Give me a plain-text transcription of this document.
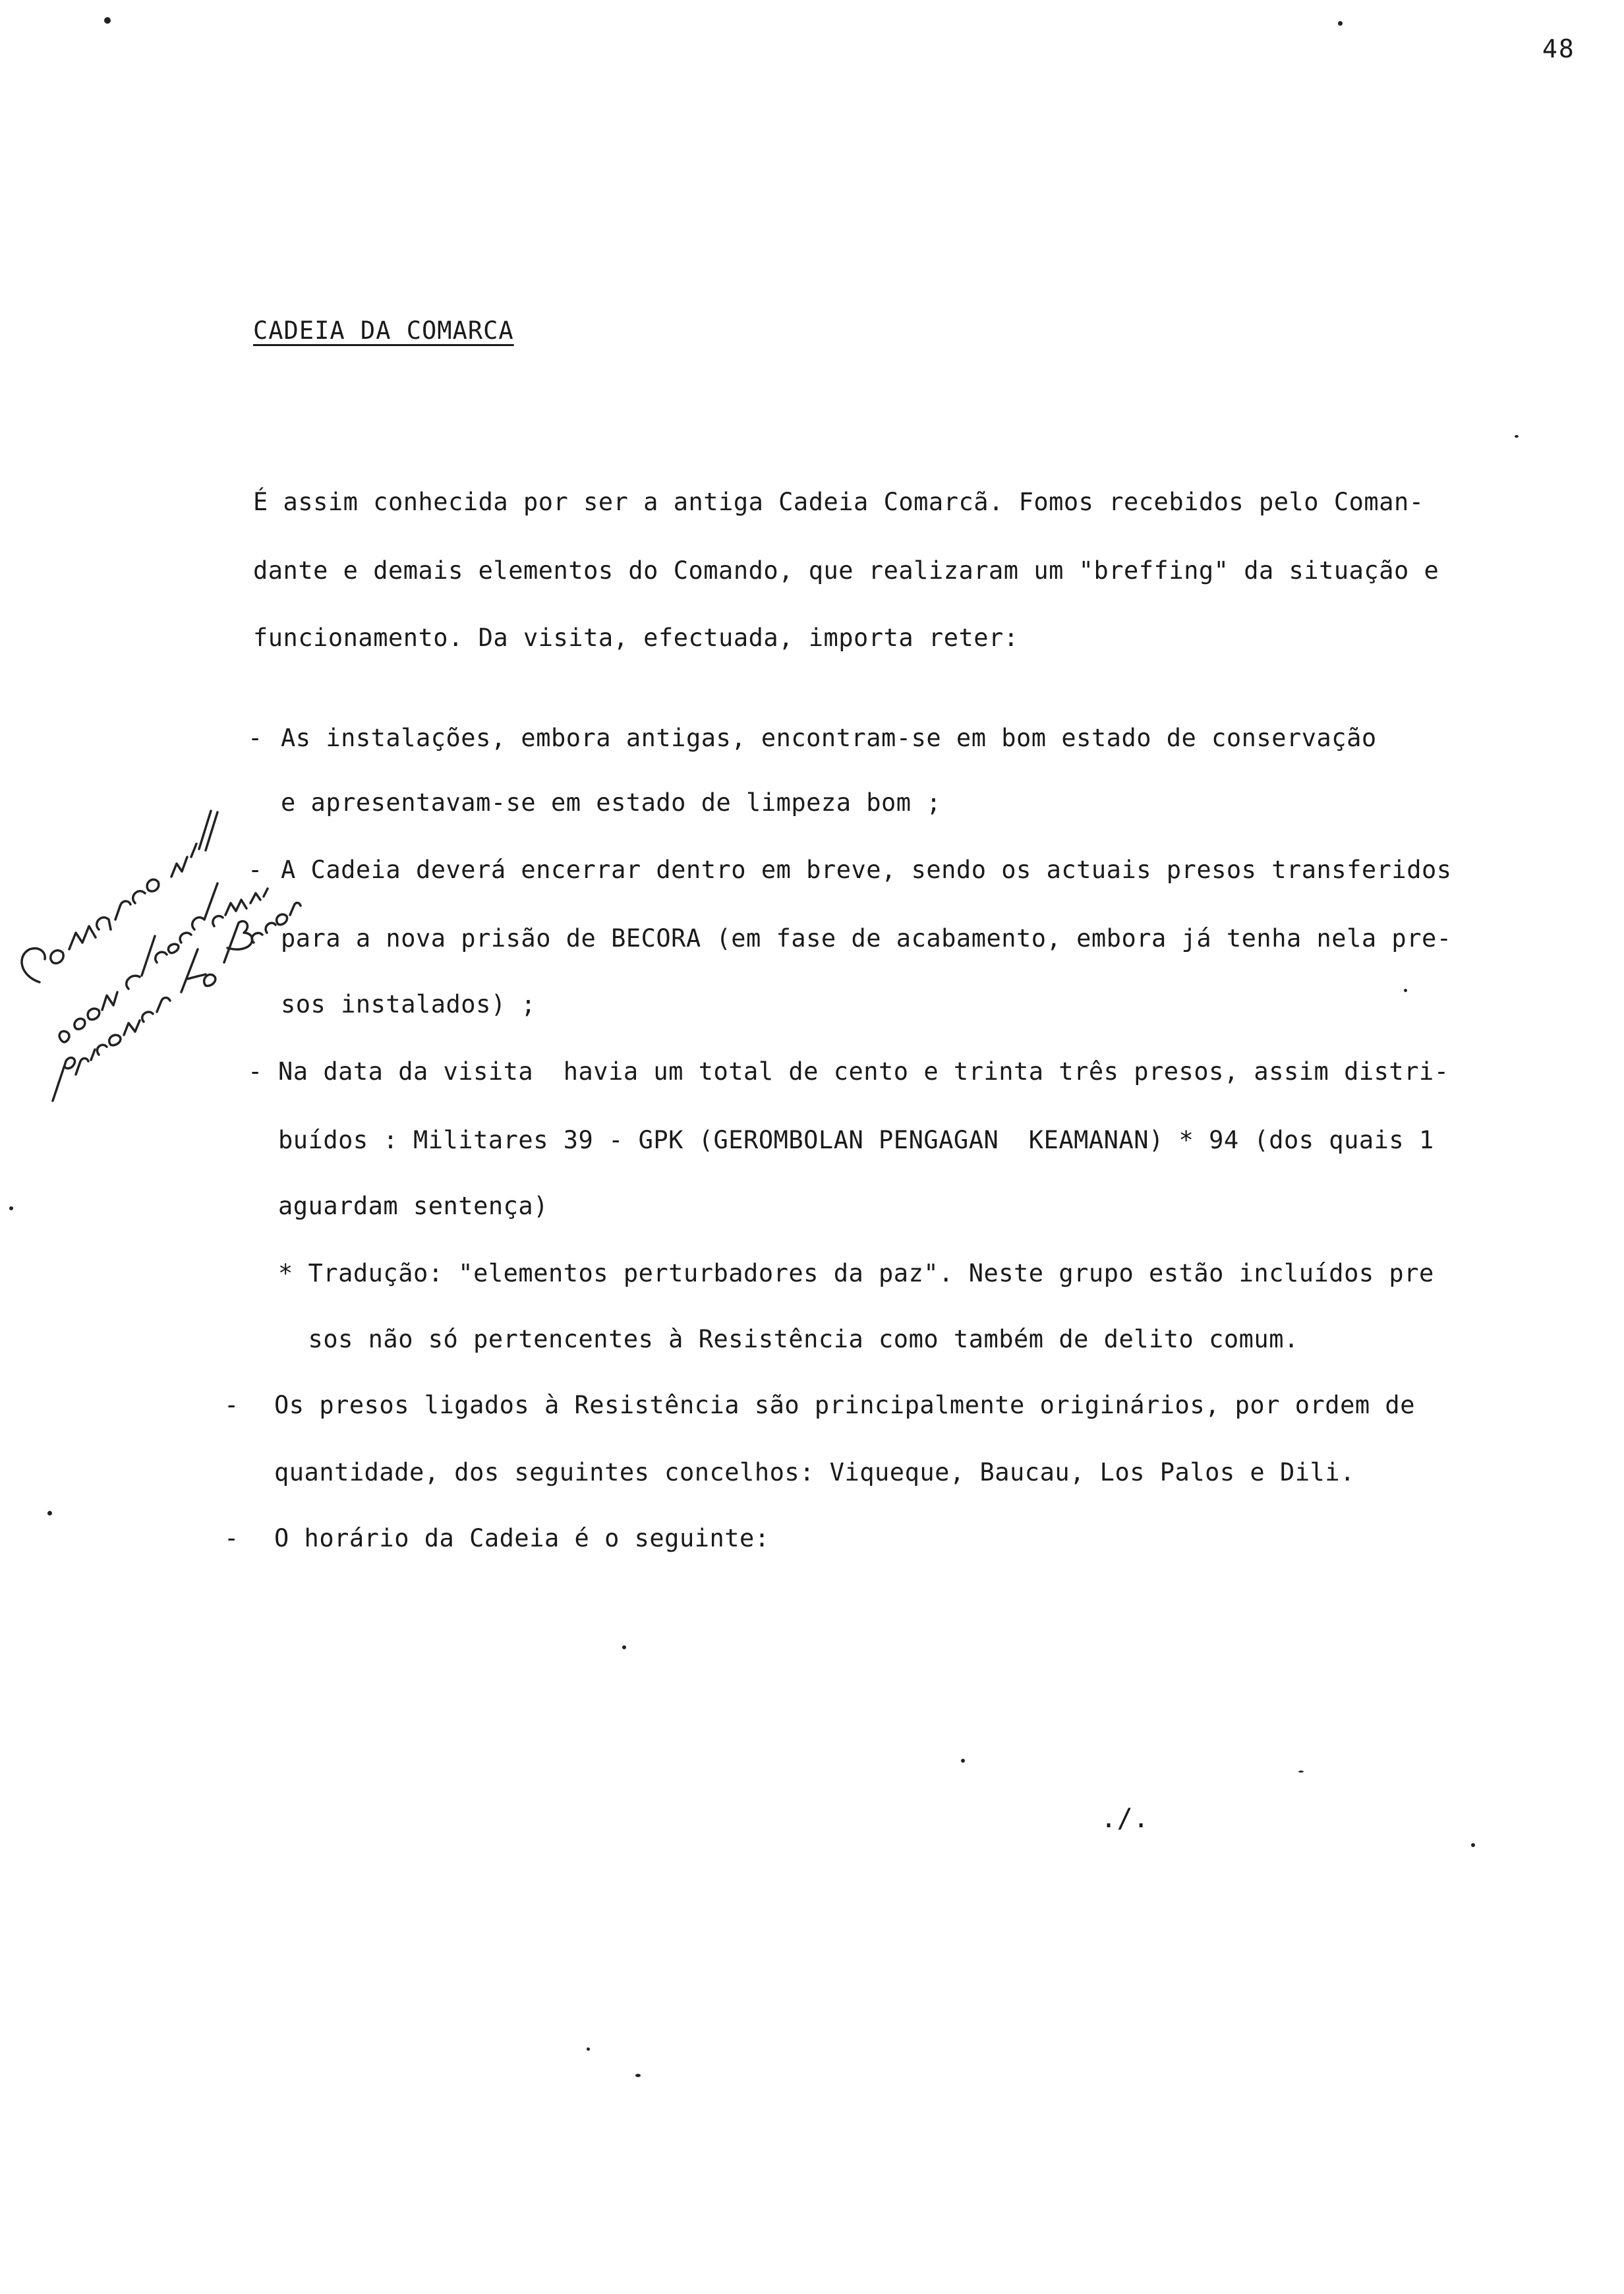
48
CADEIA DA COMARCA
É assim conhecida por ser a antiga Cadeia Comarcã. Fomos recebidos pelo Coman-
dante e demais elementos do Comando, que realizaram um "breffing" da situação e
funcionamento. Da visita, efectuada, importa reter:
- As instalações, embora antigas, encontram-se em bom estado de conservação
e apresentavam-se em estado de limpeza bom ;
- A Cadeia deverá encerrar dentro em breve, sendo os actuais presos transferidos
para a nova prisão de BECORA (em fase de acabamento, embora já tenha nela pre-
sos instalados) ;
- Na data da visita  havia um total de cento e trinta três presos, assim distri-
buídos : Militares 39 - GPK (GEROMBOLAN PENGAGAN  KEAMANAN) * 94 (dos quais 1
aguardam sentença)
* Tradução: "elementos perturbadores da paz". Neste grupo estão incluídos pre
sos não só pertencentes à Resistência como também de delito comum.
- Os presos ligados à Resistência são principalmente originários, por ordem de
quantidade, dos seguintes concelhos: Viqueque, Baucau, Los Palos e Dili.
- O horário da Cadeia é o seguinte:
./.
